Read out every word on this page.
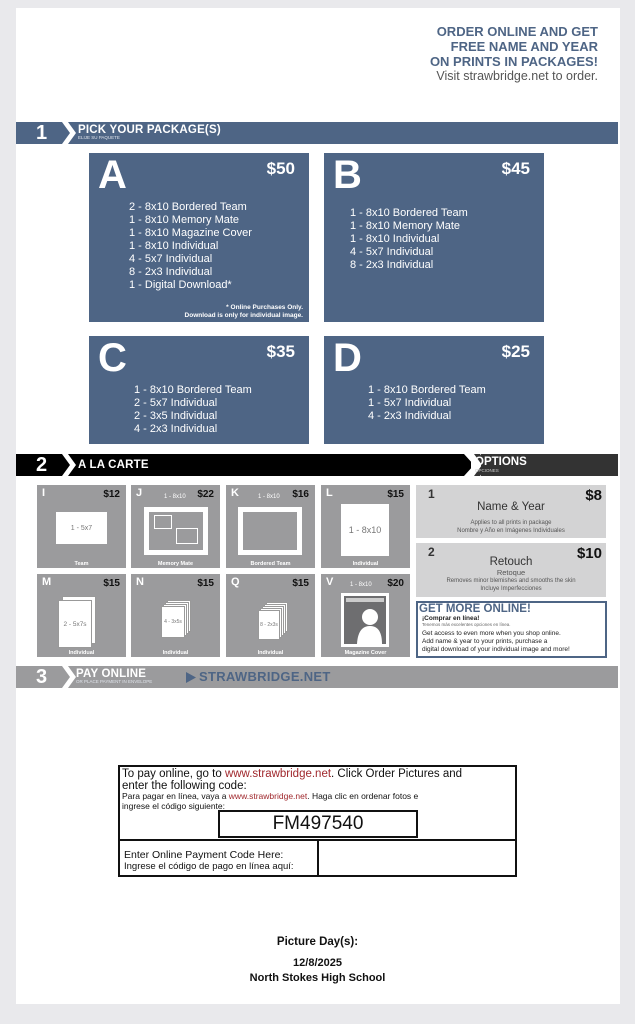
ORDER ONLINE AND GET
FREE NAME AND YEAR
ON PRINTS IN PACKAGES!
Visit strawbridge.net to order.
1	PICK YOUR PACKAGE(S)
ELIJE SU PAQUETE
A	$50
2 - 8x10 Bordered Team
1 - 8x10 Memory Mate
1 - 8x10 Magazine Cover
1 - 8x10 Individual
4 - 5x7 Individual
8 - 2x3 Individual
1 - Digital Download*
* Online Purchases Only.
Download is only for individual image.
B	$45
1 - 8x10 Bordered Team
1 - 8x10 Memory Mate
1 - 8x10 Individual
4 - 5x7 Individual
8 - 2x3 Individual
C	$35
1 - 8x10 Bordered Team
2 - 5x7 Individual
2 - 3x5 Individual
4 - 2x3 Individual
D	$25
1 - 8x10 Bordered Team
1 - 5x7 Individual
4 - 2x3 Individual
2	A LA CARTE	OPTIONS
OPCIONES
I	$12
1 - 5x7
Team
J	$22
1 - 8x10
Memory Mate
K	$16
1 - 8x10
Bordered Team
L	$15
1 - 8x10
Individual
M	$15
2 - 5x7s
Individual
N	$15
4 - 3x5s
Individual
Q	$15
8 - 2x3s
Individual
V	$20
1 - 8x10
Magazine Cover
1	$8
Name & Year
Applies to all prints in package
Nombre y Año en Imágenes Individuales
2	$10
Retouch
Retoque
Removes minor blemishes and smooths the skin
Incluye Imperfecciones
GET MORE ONLINE!
¡Comprar en línea!
Tenemos más excelentes opciones en línea.
Get access to even more when you shop online.
Add name & year to your prints, purchase a
digital download of your individual image and more!
3	PAY ONLINE
OR PLACE PAYMENT IN ENVELOPE	STRAWBRIDGE.NET
To pay online, go to www.strawbridge.net. Click Order Pictures and
enter the following code:
Para pagar en línea, vaya a www.strawbridge.net. Haga clic en ordenar fotos e
ingrese el código siguiente:
FM497540
Enter Online Payment Code Here:
Ingrese el código de pago en línea aquí:
Picture Day(s):
12/8/2025
North Stokes High School
